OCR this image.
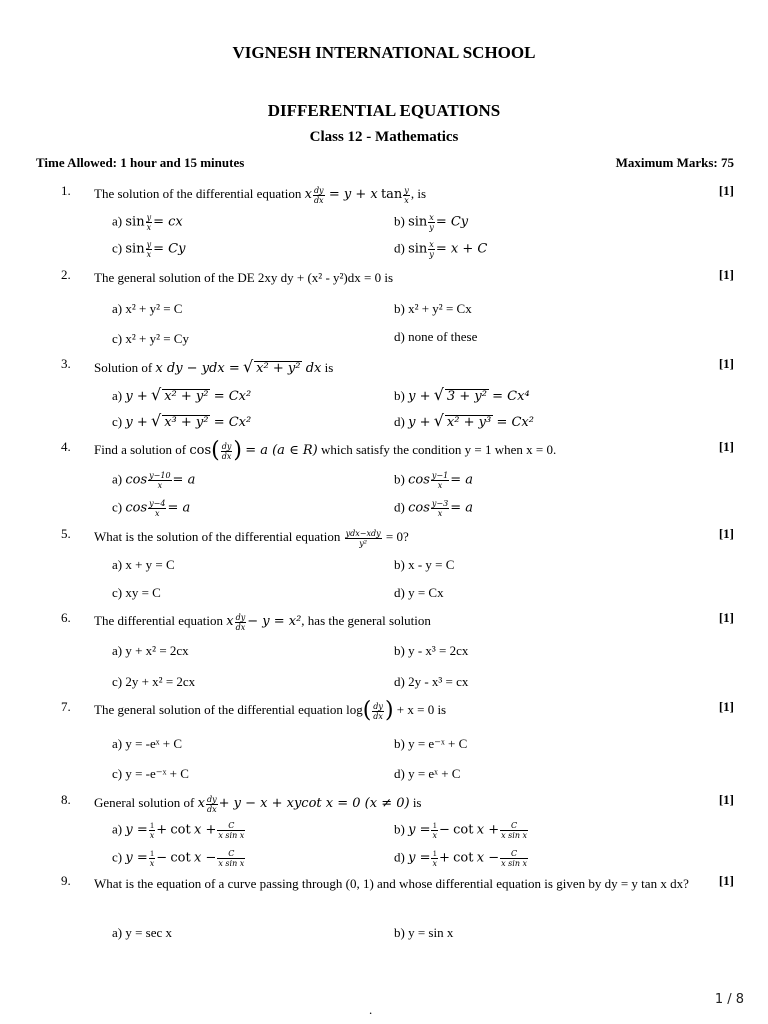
VIGNESH INTERNATIONAL SCHOOL
DIFFERENTIAL EQUATIONS
Class 12 - Mathematics
Time Allowed: 1 hour and 15 minutes	Maximum Marks: 75
1. The solution of the differential equation x $\frac{dy}{dx} = y + x$ $\tan \frac{y}{x}$ , is	[1]
a) $\sin \frac{y}{x}$ = cx	b) $\sin \frac{x}{y} = Cy$
c) $\sin \frac{y}{x} = Cy$	d) $\sin \frac{x}{y} = x + C$
2. The general solution of the DE 2xy dy + (x² - y²)dx = 0 is	[1]
a) x² + y² = C	b) x² + y² = Cx
c) x² + y² = Cy	d) none of these
3. Solution of x dy − ydx = √ x² + y² dx is	[1]
a) y + √ x² + y² = Cx²	b) y + √ 3 + y² = Cx⁴
c) y + √ x³ + y² = Cx²	d) y + √ x² + y³ = Cx²
4. Find a solution of $\cos( \frac{dy}{dx}$ ) = a (a ∈ R) which satisfy the condition y = 1 when x = 0.	[1]
a) $\cos \frac{y-10}{x} = a$	b) $\cos \frac{y-1}{x} = a$
c) $\cos \frac{y-4}{x} = a$	d) $\cos \frac{y-3}{x} = a$
5. What is the solution of the differential equation $\frac{\text{ydx−xdy}}{\text{y²}} = 0$?	[1]
a) x + y = C	b) x - y = C
c) xy = C	d) y = Cx
6. The differential equation x $\frac{dy}{dx} - y = x^2$, has the general solution	[1]
a) y + x² = 2cx	b) y - x³ = 2cx
c) 2y + x² = 2cx	d) 2y - x³ = cx
7. The general solution of the differential equation $\log( \frac{dy}{dx}$ ) + x = 0 is	[1]
a) y = -eˣ + C	b) y = e⁻ˣ + C
c) y = -e⁻ˣ + C	d) y = eˣ + C
8. General solution of x $\frac{dy}{dx} + y - x + xycot$ x = 0 (x ≠ 0) is	[1]
a) $y = \frac{1}{x} + \cot x + \frac{C}{\text{x sin x}}$	b) $y = \frac{1}{x} - \cot x + \frac{C}{\text{x sin x}}$
c) $y = \frac{1}{x} - \cot x - \frac{C}{\text{x sin x}}$	d) $y = \frac{1}{x} + \cot x - \frac{C}{\text{x sin x}}$
9. What is the equation of a curve passing through (0, 1) and whose differential equation is given by dy = y tan x dx?	[1]
a) y = sec x	b) y = sin x
1 / 8
.
